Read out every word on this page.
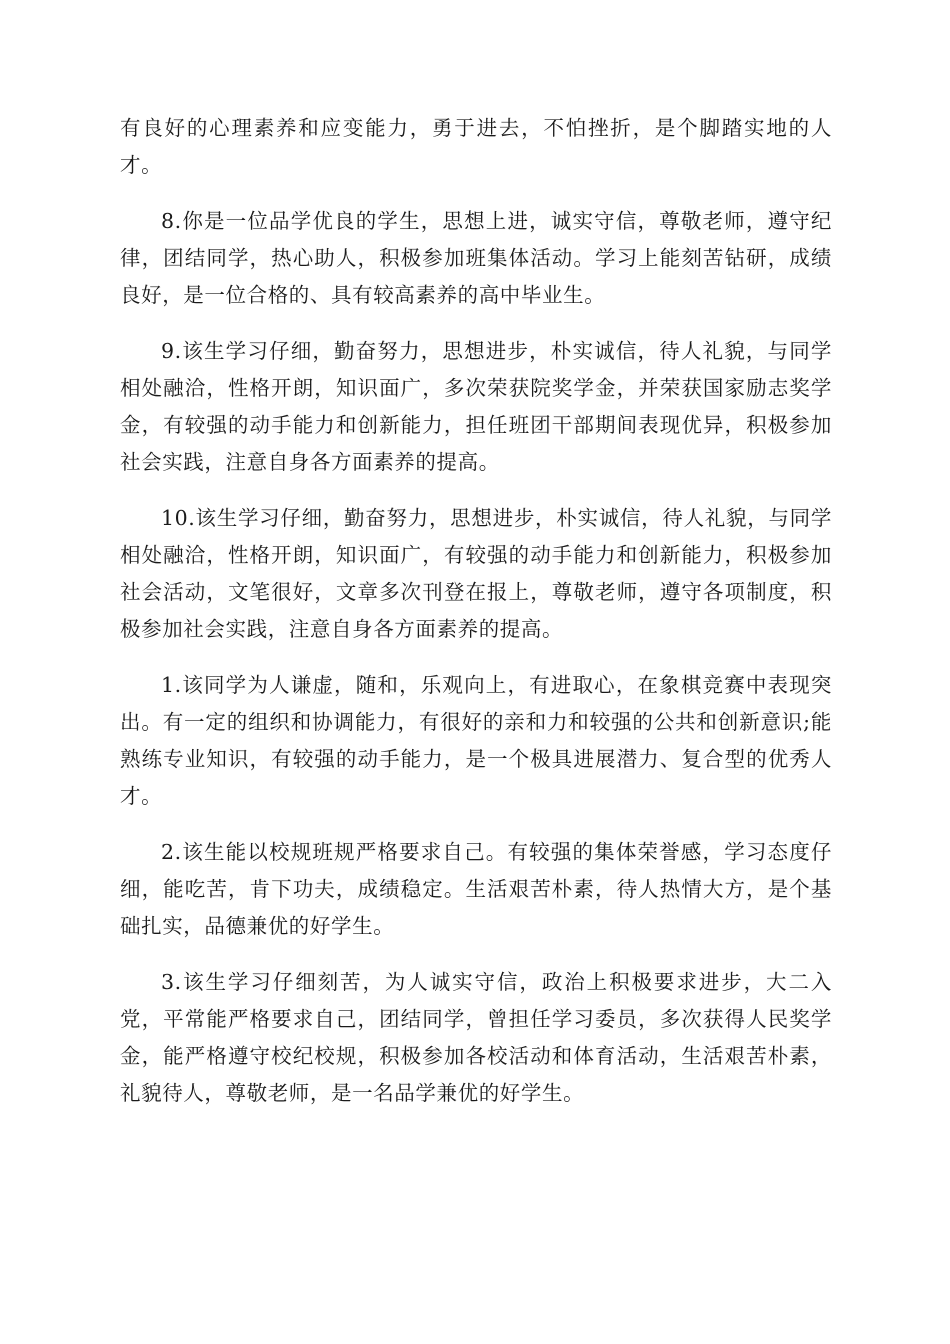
有良好的心理素养和应变能力，勇于进去，不怕挫折，是个脚踏实地的人才。

8.你是一位品学优良的学生，思想上进，诚实守信，尊敬老师，遵守纪律，团结同学，热心助人，积极参加班集体活动。学习上能刻苦钻研，成绩良好，是一位合格的、具有较高素养的高中毕业生。

9.该生学习仔细，勤奋努力，思想进步，朴实诚信，待人礼貌，与同学相处融洽，性格开朗，知识面广，多次荣获院奖学金，并荣获国家励志奖学金，有较强的动手能力和创新能力，担任班团干部期间表现优异，积极参加社会实践，注意自身各方面素养的提高。

10.该生学习仔细，勤奋努力，思想进步，朴实诚信，待人礼貌，与同学相处融洽，性格开朗，知识面广，有较强的动手能力和创新能力，积极参加社会活动，文笔很好，文章多次刊登在报上，尊敬老师，遵守各项制度，积极参加社会实践，注意自身各方面素养的提高。

1.该同学为人谦虚，随和，乐观向上，有进取心，在象棋竞赛中表现突出。有一定的组织和协调能力，有很好的亲和力和较强的公共和创新意识;能熟练专业知识，有较强的动手能力，是一个极具进展潜力、复合型的优秀人才。

2.该生能以校规班规严格要求自己。有较强的集体荣誉感，学习态度仔细，能吃苦，肯下功夫，成绩稳定。生活艰苦朴素，待人热情大方，是个基础扎实，品德兼优的好学生。

3.该生学习仔细刻苦，为人诚实守信，政治上积极要求进步，大二入党，平常能严格要求自己，团结同学，曾担任学习委员，多次获得人民奖学金，能严格遵守校纪校规，积极参加各校活动和体育活动，生活艰苦朴素，礼貌待人，尊敬老师，是一名品学兼优的好学生。
